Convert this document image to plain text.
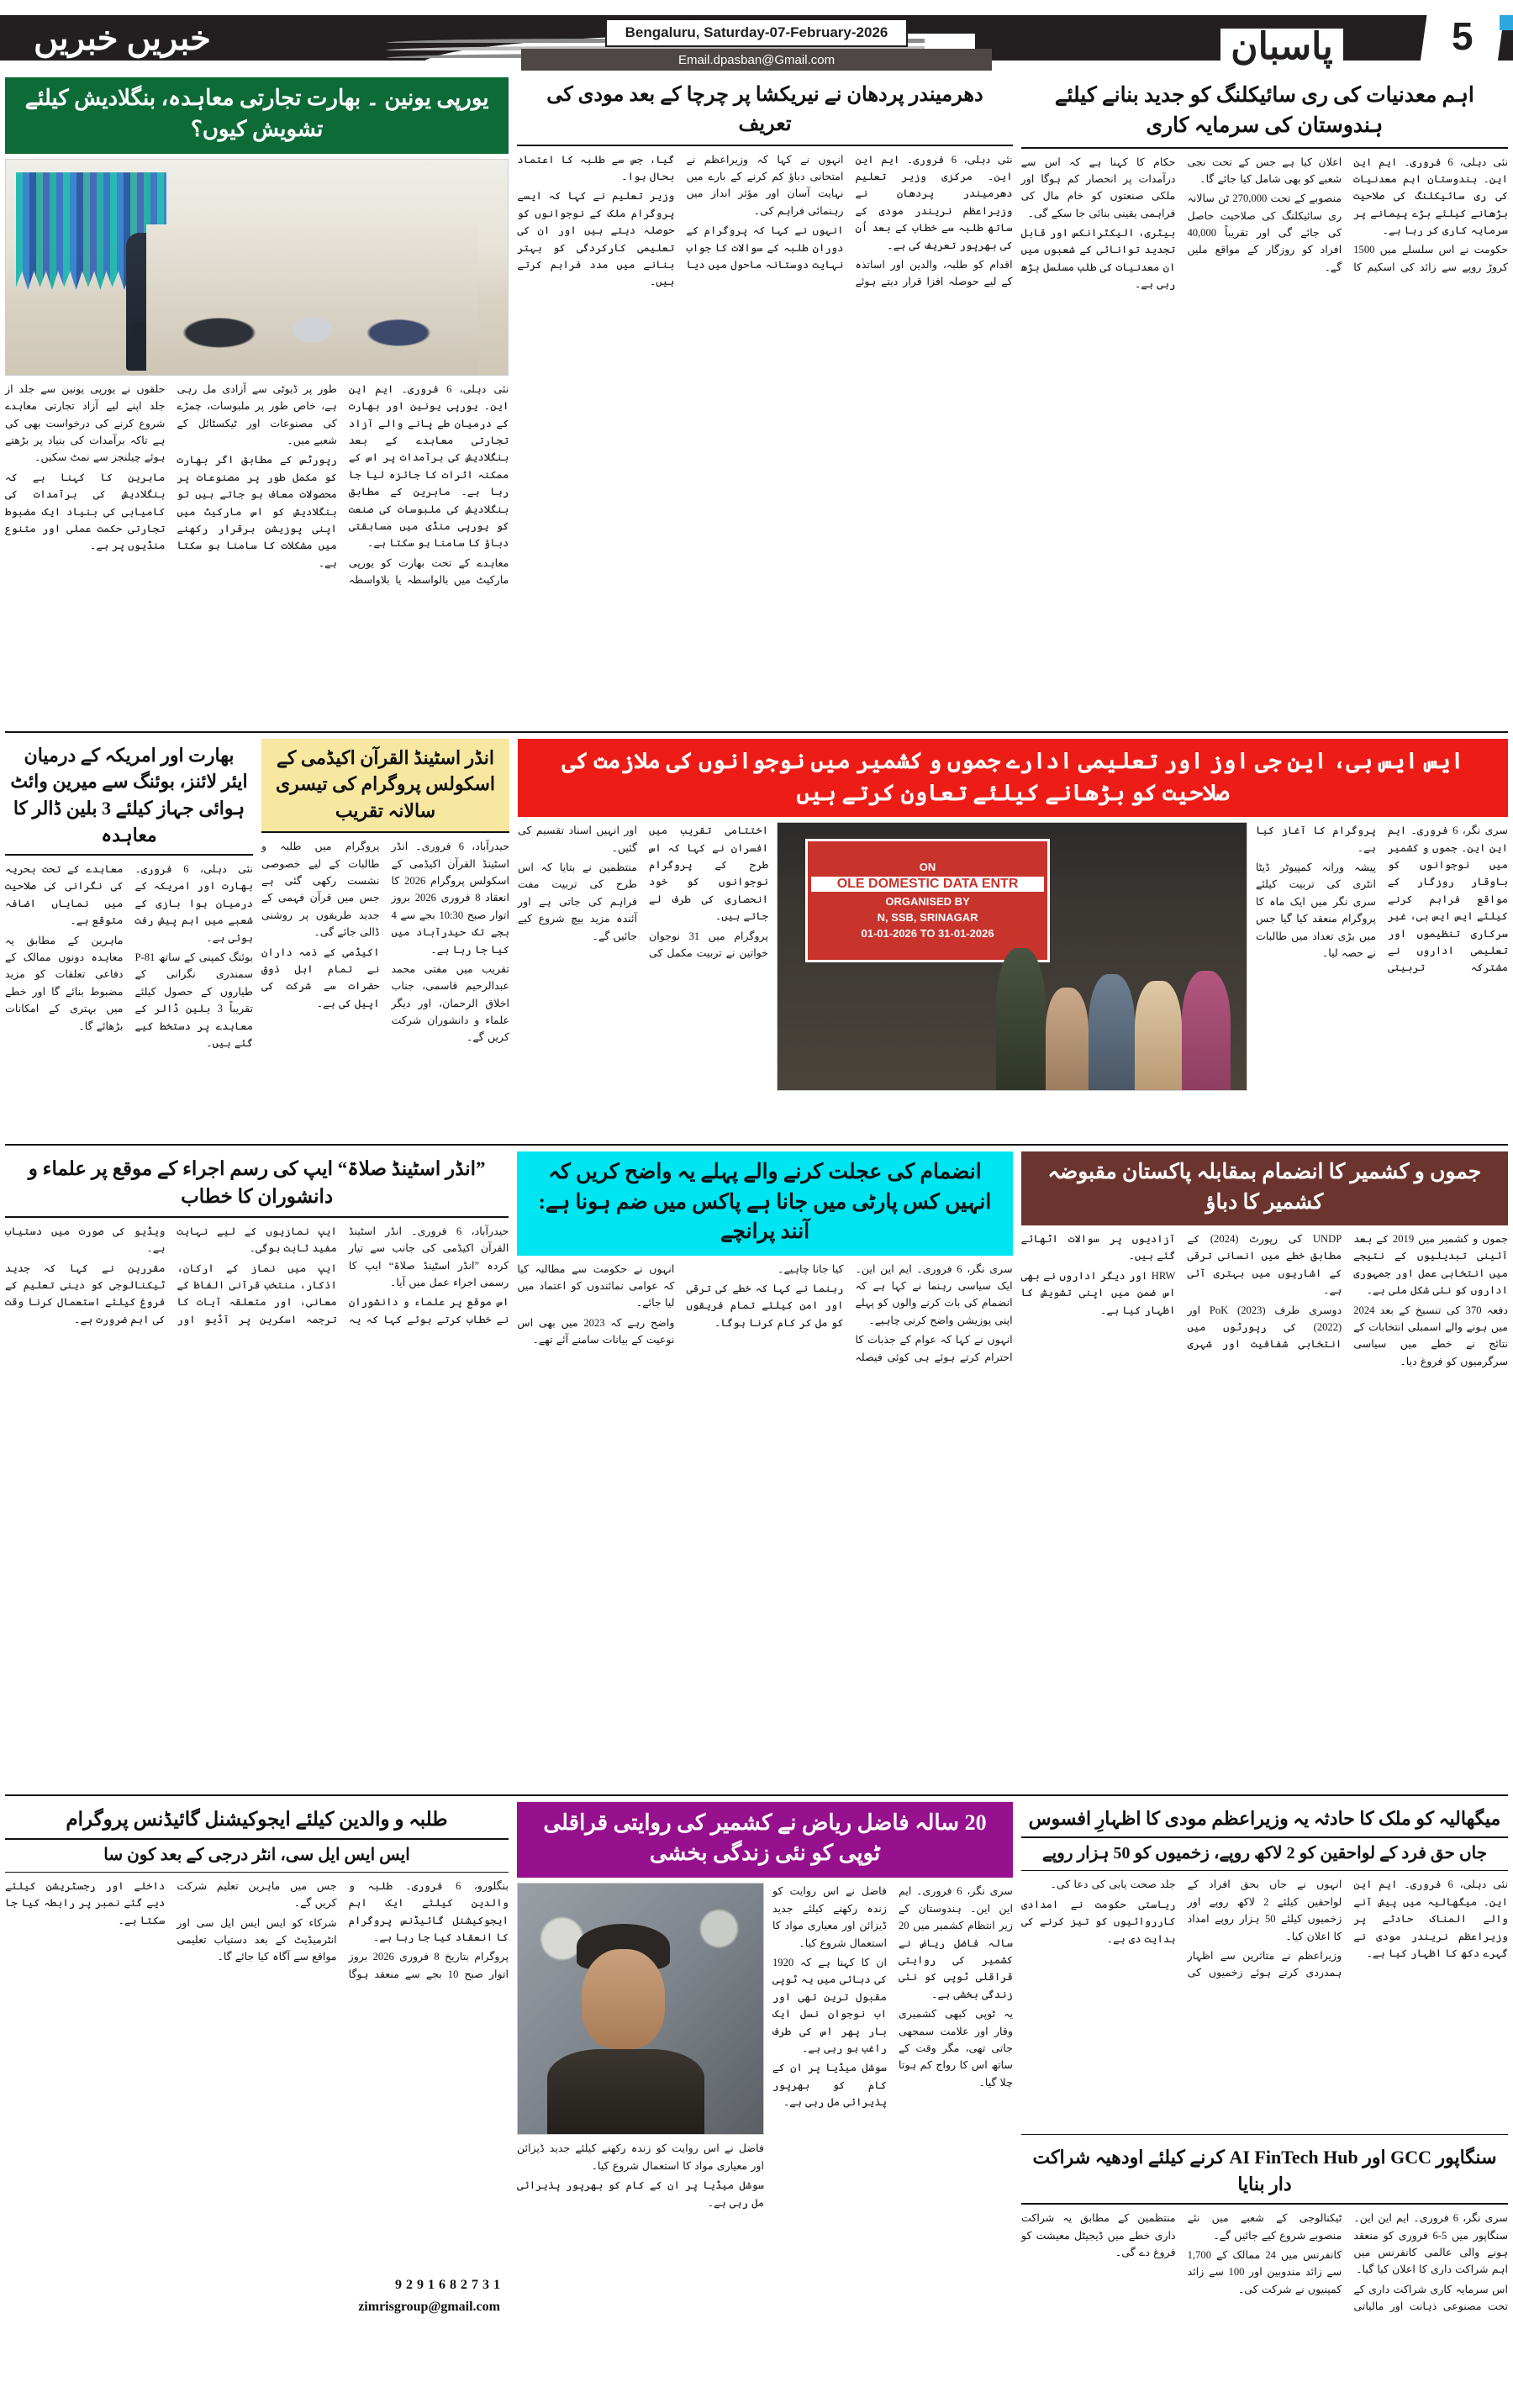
5
پاسبان
جو اللہ نے کہا اے حسن الکاء دے گا اے حسن کہے گا حسنِ دا
روزنامہ
Bengaluru, Saturday-07-February-2026
Email.dpasban@Gmail.com
خبریں خبریں
اہم معدنیات کی ری سائیکلنگ کو جدید بنانے کیلئے ہندوستان کی سرمایہ کاری

نئی دہلی، 6 فروری۔ ایم این این۔ ہندوستان اہم معدنیات کی ری سائیکلنگ کی صلاحیت بڑھانے کیلئے بڑے پیمانے پر سرمایہ کاری کر رہا ہے۔

حکومت نے اس سلسلے میں 1500 کروڑ روپے سے زائد کی اسکیم کا اعلان کیا ہے جس کے تحت نجی شعبے کو بھی شامل کیا جائے گا۔

منصوبے کے تحت 270,000 ٹن سالانہ ری سائیکلنگ کی صلاحیت حاصل کی جائے گی اور تقریباً 40,000 افراد کو روزگار کے مواقع ملیں گے۔

حکام کا کہنا ہے کہ اس سے درآمدات پر انحصار کم ہوگا اور ملکی صنعتوں کو خام مال کی فراہمی یقینی بنائی جا سکے گی۔

بیٹری، الیکٹرانکس اور قابل تجدید توانائی کے شعبوں میں ان معدنیات کی طلب مسلسل بڑھ رہی ہے۔

دھرمیندر پردھان نے نیریکشا پر چرچا کے بعد مودی کی تعریف

نئی دہلی، 6 فروری۔ ایم این این۔ مرکزی وزیر تعلیم دھرمیندر پردھان نے وزیراعظم نریندر مودی کے ساتھ طلبہ سے خطاب کے بعد اُن کی بھرپور تعریف کی ہے۔

اقدام کو طلبہ، والدین اور اساتذہ کے لیے حوصلہ افزا قرار دیتے ہوئے انہوں نے کہا کہ وزیراعظم نے امتحانی دباؤ کم کرنے کے بارے میں نہایت آسان اور مؤثر انداز میں رہنمائی فراہم کی۔

انہوں نے کہا کہ پروگرام کے دوران طلبہ کے سوالات کا جواب نہایت دوستانہ ماحول میں دیا گیا، جس سے طلبہ کا اعتماد بحال ہوا۔

وزیر تعلیم نے کہا کہ ایسے پروگرام ملک کے نوجوانوں کو حوصلہ دیتے ہیں اور ان کی تعلیمی کارکردگی کو بہتر بنانے میں مدد فراہم کرتے ہیں۔

یورپی یونین ۔ بھارت تجارتی معاہدہ، بنگلادیش کیلئے تشویش کیوں؟

نئی دہلی، 6 فروری۔ ایم این این۔ یورپی یونین اور بھارت کے درمیان طے پانے والے آزاد تجارتی معاہدے کے بعد بنگلادیش کی برآمدات پر اس کے ممکنہ اثرات کا جائزہ لیا جا رہا ہے۔ ماہرین کے مطابق بنگلادیش کی ملبوسات کی صنعت کو یورپی منڈی میں مسابقتی دباؤ کا سامنا ہو سکتا ہے۔

معاہدے کے تحت بھارت کو یورپی مارکیٹ میں بالواسطہ یا بلاواسطہ طور پر ڈیوٹی سے آزادی مل رہی ہے، خاص طور پر ملبوسات، چمڑے کی مصنوعات اور ٹیکسٹائل کے شعبے میں۔

رپورٹس کے مطابق اگر بھارت کو مکمل طور پر مصنوعات پر محصولات معاف ہو جاتے ہیں تو بنگلادیش کو اس مارکیٹ میں اپنی پوزیشن برقرار رکھنے میں مشکلات کا سامنا ہو سکتا ہے۔

حلقوں نے یورپی یونین سے جلد از جلد اپنے لیے آزاد تجارتی معاہدے شروع کرنے کی درخواست بھی کی ہے تاکہ برآمدات کی بنیاد پر بڑھتے ہوئے چیلنجز سے نمٹ سکیں۔

ماہرین کا کہنا ہے کہ بنگلادیش کی برآمدات کی کامیابی کی بنیاد ایک مضبوط تجارتی حکمت عملی اور متنوع منڈیوں پر ہے۔

ایس ایس بی، این جی اوز اور تعلیمی ادارے جموں و کشمیر میں نوجوانوں کی ملازمت کی صلاحیت کو بڑھانے کیلئے تعاون کرتے ہیں

سری نگر، 6 فروری۔ ایم این این۔ جموں و کشمیر میں نوجوانوں کو باوقار روزگار کے مواقع فراہم کرنے کیلئے ایس ایس بی، غیر سرکاری تنظیموں اور تعلیمی اداروں نے مشترکہ تربیتی پروگرام کا آغاز کیا ہے۔

پیشہ ورانہ کمپیوٹر ڈیٹا انٹری کی تربیت کیلئے سری نگر میں ایک ماہ کا پروگرام منعقد کیا گیا جس میں بڑی تعداد میں طالبات نے حصہ لیا۔

ON
OLE DOMESTIC DATA ENTR
ORGANISED BY
N, SSB, SRINAGAR
01-01-2026 TO 31-01-2026

اختتامی تقریب میں افسران نے کہا کہ اس طرح کے پروگرام نوجوانوں کو خود انحصاری کی طرف لے جاتے ہیں۔

پروگرام میں 31 نوجوان خواتین نے تربیت مکمل کی اور انہیں اسناد تقسیم کی گئیں۔

منتظمین نے بتایا کہ اس طرح کی تربیت مفت فراہم کی جاتی ہے اور آئندہ مزید بیچ شروع کیے جائیں گے۔

انڈر اسٹینڈ القرآن اکیڈمی کے اسکولس پروگرام کی تیسری سالانہ تقریب

حیدرآباد، 6 فروری۔ انڈر اسٹینڈ القرآن اکیڈمی کے اسکولس پروگرام 2026 کا انعقاد 8 فروری 2026 بروز اتوار صبح 10:30 بجے سے 4 بجے تک حیدرآباد میں کیا جا رہا ہے۔

تقریب میں مفتی محمد عبدالرحیم قاسمی، جناب اخلاق الرحمان، اور دیگر علماء و دانشوران شرکت کریں گے۔

پروگرام میں طلبہ و طالبات کے لیے خصوصی نشست رکھی گئی ہے جس میں قرآن فہمی کے جدید طریقوں پر روشنی ڈالی جائے گی۔

اکیڈمی کے ذمہ داران نے تمام اہل ذوق حضرات سے شرکت کی اپیل کی ہے۔

بھارت اور امریکہ کے درمیان ایئر لائنز، بوئنگ سے میرین وائٹ ہوائی جہاز کیلئے 3 بلین ڈالر کا معاہدہ

نئی دہلی، 6 فروری۔ بھارت اور امریکہ کے درمیان ہوا بازی کے شعبے میں اہم پیش رفت ہوئی ہے۔

بوئنگ کمپنی کے ساتھ P-81 سمندری نگرانی کے طیاروں کے حصول کیلئے تقریباً 3 بلین ڈالر کے معاہدے پر دستخط کیے گئے ہیں۔

معاہدے کے تحت بحریہ کی نگرانی کی صلاحیت میں نمایاں اضافہ متوقع ہے۔

ماہرین کے مطابق یہ معاہدہ دونوں ممالک کے دفاعی تعلقات کو مزید مضبوط بنائے گا اور خطے میں بہتری کے امکانات بڑھائے گا۔

جموں و کشمیر کا انضمام بمقابلہ پاکستان مقبوضہ کشمیر کا دباؤ

جموں و کشمیر میں 2019 کے بعد آئینی تبدیلیوں کے نتیجے میں انتخابی عمل اور جمہوری اداروں کو نئی شکل ملی ہے۔

دفعہ 370 کی تنسیخ کے بعد 2024 میں ہونے والے اسمبلی انتخابات کے نتائج نے خطے میں سیاسی سرگرمیوں کو فروغ دیا۔

UNDP کی رپورٹ (2024) کے مطابق خطے میں انسانی ترقی کے اشاریوں میں بہتری آئی ہے۔

دوسری طرف PoK (2023) اور (2022) کی رپورٹوں میں انتخابی شفافیت اور شہری آزادیوں پر سوالات اٹھائے گئے ہیں۔

HRW اور دیگر اداروں نے بھی اس ضمن میں اپنی تشویش کا اظہار کیا ہے۔

انضمام کی عجلت کرنے والے پہلے یہ واضح کریں کہ انہیں کس پارٹی میں جانا ہے پاکس میں ضم ہونا ہے: آنند پرانچے

سری نگر، 6 فروری۔ ایم این این۔ ایک سیاسی رہنما نے کہا ہے کہ انضمام کی بات کرنے والوں کو پہلے اپنی پوزیشن واضح کرنی چاہیے۔

انہوں نے کہا کہ عوام کے جذبات کا احترام کرتے ہوئے ہی کوئی فیصلہ کیا جانا چاہیے۔

رہنما نے کہا کہ خطے کی ترقی اور امن کیلئے تمام فریقوں کو مل کر کام کرنا ہوگا۔

انہوں نے حکومت سے مطالبہ کیا کہ عوامی نمائندوں کو اعتماد میں لیا جائے۔

واضح رہے کہ 2023 میں بھی اس نوعیت کے بیانات سامنے آئے تھے۔

”انڈر اسٹینڈ صلاۃ“ ایپ کی رسم اجراء کے موقع پر علماء و دانشوران کا خطاب

حیدرآباد، 6 فروری۔ انڈر اسٹینڈ القرآن اکیڈمی کی جانب سے تیار کردہ ”انڈر اسٹینڈ صلاۃ“ ایپ کا رسمی اجراء عمل میں آیا۔

اس موقع پر علماء و دانشوران نے خطاب کرتے ہوئے کہا کہ یہ ایپ نمازیوں کے لیے نہایت مفید ثابت ہوگی۔

ایپ میں نماز کے ارکان، اذکار، منتخب قرآنی الفاظ کے معانی، اور متعلقہ آیات کا ترجمہ اسکرین پر آڈیو اور ویڈیو کی صورت میں دستیاب ہے۔

مقررین نے کہا کہ جدید ٹیکنالوجی کو دینی تعلیم کے فروغ کیلئے استعمال کرنا وقت کی اہم ضرورت ہے۔

میگھالیہ کو ملک کا حادثہ یہ وزیراعظم مودی کا اظہارِ افسوس
جاں حق فرد کے لواحقین کو 2 لاکھ روپے، زخمیوں کو 50 ہزار روپے

نئی دہلی، 6 فروری۔ ایم این این۔ میگھالیہ میں پیش آنے والے المناک حادثے پر وزیراعظم نریندر مودی نے گہرے دکھ کا اظہار کیا ہے۔

انہوں نے جاں بحق افراد کے لواحقین کیلئے 2 لاکھ روپے اور زخمیوں کیلئے 50 ہزار روپے امداد کا اعلان کیا۔

وزیراعظم نے متاثرین سے اظہار ہمدردی کرتے ہوئے زخمیوں کی جلد صحت یابی کی دعا کی۔

ریاستی حکومت نے امدادی کارروائیوں کو تیز کرنے کی ہدایت دی ہے۔

سنگاپور GCC اور AI FinTech Hub کرنے کیلئے اودھیہ شراکت دار بنایا

سری نگر، 6 فروری۔ ایم این این۔ سنگاپور میں 5-6 فروری کو منعقد ہونے والی عالمی کانفرنس میں اہم شراکت داری کا اعلان کیا گیا۔

اس سرمایہ کاری شراکت داری کے تحت مصنوعی ذہانت اور مالیاتی ٹیکنالوجی کے شعبے میں نئے منصوبے شروع کیے جائیں گے۔

کانفرنس میں 24 ممالک کے 1,700 سے زائد مندوبین اور 100 سے زائد کمپنیوں نے شرکت کی۔

منتظمین کے مطابق یہ شراکت داری خطے میں ڈیجیٹل معیشت کو فروغ دے گی۔

20 سالہ فاضل ریاض نے کشمیر کی روایتی قراقلی ٹوپی کو نئی زندگی بخشی

سری نگر، 6 فروری۔ ایم این این۔ ہندوستان کے زیر انتظام کشمیر میں 20 سالہ فاضل ریاض نے کشمیر کی روایتی قراقلی ٹوپی کو نئی زندگی بخشی ہے۔

یہ ٹوپی کبھی کشمیری وقار اور علامت سمجھی جاتی تھی، مگر وقت کے ساتھ اس کا رواج کم ہوتا چلا گیا۔

فاضل نے اس روایت کو زندہ رکھنے کیلئے جدید ڈیزائن اور معیاری مواد کا استعمال شروع کیا۔

ان کا کہنا ہے کہ 1920 کی دہائی میں یہ ٹوپی مقبول ترین تھی اور اب نوجوان نسل ایک بار پھر اس کی طرف راغب ہو رہی ہے۔

سوشل میڈیا پر ان کے کام کو بھرپور پذیرائی مل رہی ہے۔

فاضل نے اس روایت کو زندہ رکھنے کیلئے جدید ڈیزائن اور معیاری مواد کا استعمال شروع کیا۔

سوشل میڈیا پر ان کے کام کو بھرپور پذیرائی مل رہی ہے۔

طلبہ و والدین کیلئے ایجوکیشنل گائیڈنس پروگرام
ایس ایس ایل سی، انٹر درجی کے بعد کون سا

بنگلورو، 6 فروری۔ طلبہ و والدین کیلئے ایک اہم ایجوکیشنل گائیڈنس پروگرام کا انعقاد کیا جا رہا ہے۔

پروگرام بتاریخ 8 فروری 2026 بروز اتوار صبح 10 بجے سے منعقد ہوگا جس میں ماہرین تعلیم شرکت کریں گے۔

شرکاء کو ایس ایس ایل سی اور انٹرمیڈیٹ کے بعد دستیاب تعلیمی مواقع سے آگاہ کیا جائے گا۔

داخلے اور رجسٹریشن کیلئے دیے گئے نمبر پر رابطہ کیا جا سکتا ہے۔

9 2 9 1 6 8 2 7 3 1
zimrisgroup@gmail.com
